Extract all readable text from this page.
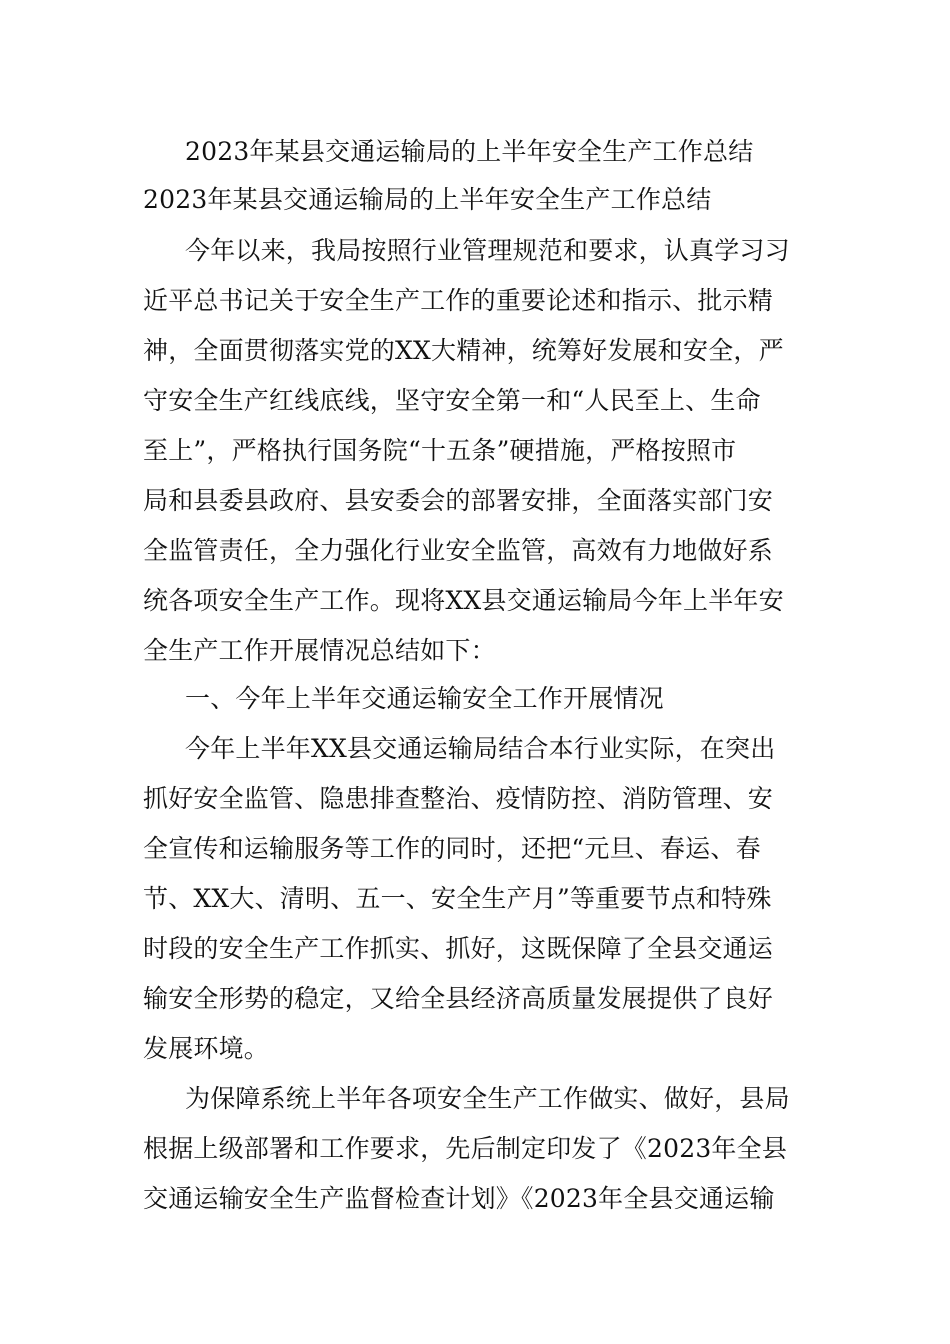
2023年某县交通运输局的上半年安全生产工作总结
2023年某县交通运输局的上半年安全生产工作总结
今年以来，我局按照行业管理规范和要求，认真学习习
近平总书记关于安全生产工作的重要论述和指示、批示精
神，全面贯彻落实党的XX大精神，统筹好发展和安全，严
守安全生产红线底线，坚守安全第一和“人民至上、生命
至上”，严格执行国务院“十五条”硬措施，严格按照市
局和县委县政府、县安委会的部署安排，全面落实部门安
全监管责任，全力强化行业安全监管，高效有力地做好系
统各项安全生产工作。现将XX县交通运输局今年上半年安
全生产工作开展情况总结如下：
一、今年上半年交通运输安全工作开展情况
今年上半年XX县交通运输局结合本行业实际，在突出
抓好安全监管、隐患排查整治、疫情防控、消防管理、安
全宣传和运输服务等工作的同时，还把“元旦、春运、春
节、XX大、清明、五一、安全生产月”等重要节点和特殊
时段的安全生产工作抓实、抓好，这既保障了全县交通运
输安全形势的稳定，又给全县经济高质量发展提供了良好
发展环境。
为保障系统上半年各项安全生产工作做实、做好，县局
根据上级部署和工作要求，先后制定印发了《2023年全县
交通运输安全生产监督检查计划》《2023年全县交通运输
